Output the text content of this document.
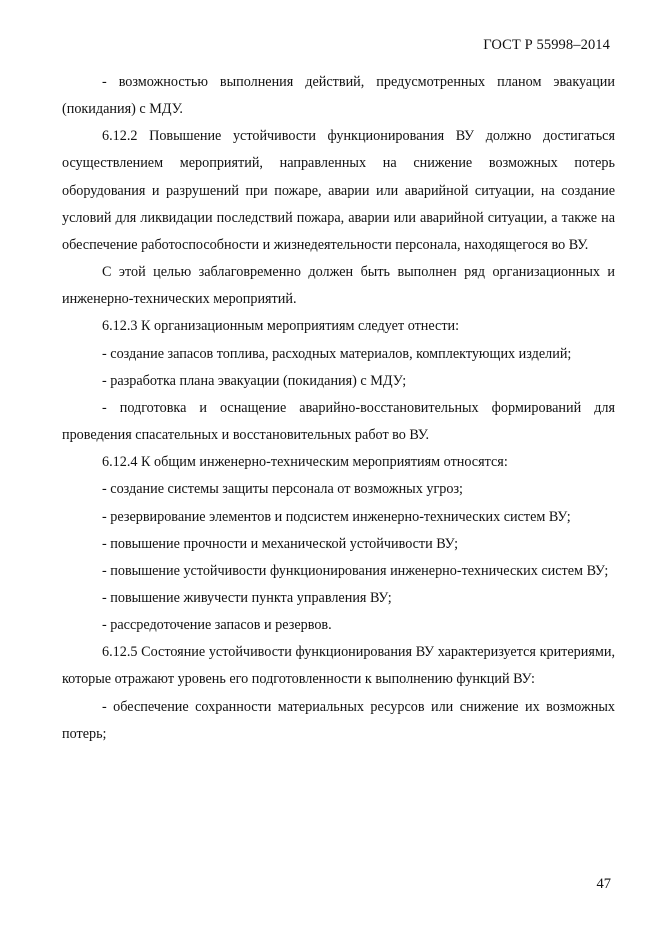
ГОСТ Р 55998–2014

- возможностью выполнения действий, предусмотренных планом эвакуации (покидания) с МДУ.

6.12.2 Повышение устойчивости функционирования ВУ должно достигаться осуществлением мероприятий, направленных на снижение возможных потерь оборудования и разрушений при пожаре, аварии или аварийной ситуации, на создание условий для ликвидации последствий пожара, аварии или аварийной ситуации, а также на обеспечение работоспособности и жизнедеятельности персонала, находящегося во ВУ.

С этой целью заблаговременно должен быть выполнен ряд организационных и инженерно-технических мероприятий.

6.12.3 К организационным мероприятиям следует отнести:

- создание запасов топлива, расходных материалов, комплектующих изделий;

- разработка плана эвакуации (покидания) с МДУ;

- подготовка и оснащение аварийно-восстановительных формирований для проведения спасательных и восстановительных работ во ВУ.

6.12.4 К общим инженерно-техническим мероприятиям относятся:

- создание системы защиты персонала от возможных угроз;

- резервирование элементов и подсистем инженерно-технических систем ВУ;

- повышение прочности и механической устойчивости ВУ;

- повышение устойчивости функционирования инженерно-технических систем ВУ;

- повышение живучести пункта управления ВУ;

- рассредоточение запасов и резервов.

6.12.5 Состояние устойчивости функционирования ВУ характеризуется критериями, которые отражают уровень его подготовленности к выполнению функций ВУ:

- обеспечение сохранности материальных ресурсов или снижение их возможных потерь;

47
